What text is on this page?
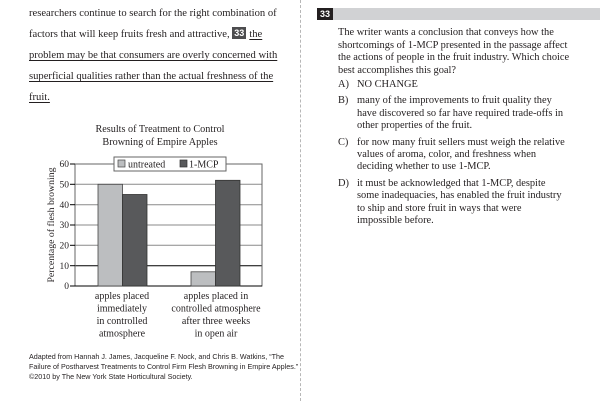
researchers continue to search for the right combination of factors that will keep fruits fresh and attractive, 33 the problem may be that consumers are overly concerned with superficial qualities rather than the actual freshness of the fruit.
Results of Treatment to Control
Browning of Empire Apples
60
50
40
30
20
10
0
Percentage of flesh browning
untreated 1-MCP
apples placed
immediately
in controlled
atmosphere
apples placed in
controlled atmosphere
after three weeks
in open air
Adapted from Hannah J. James, Jacqueline F. Nock, and Chris B. Watkins, “The Failure of Postharvest Treatments to Control Firm Flesh Browning in Empire Apples.” ©2010 by The New York State Horticultural Society.
33
The writer wants a conclusion that conveys how the shortcomings of 1-MCP presented in the passage affect the actions of people in the fruit industry. Which choice best accomplishes this goal?
A) NO CHANGE
B) many of the improvements to fruit quality they have discovered so far have required trade-offs in other properties of the fruit.
C) for now many fruit sellers must weigh the relative values of aroma, color, and freshness when deciding whether to use 1-MCP.
D) it must be acknowledged that 1-MCP, despite some inadequacies, has enabled the fruit industry to ship and store fruit in ways that were impossible before.
